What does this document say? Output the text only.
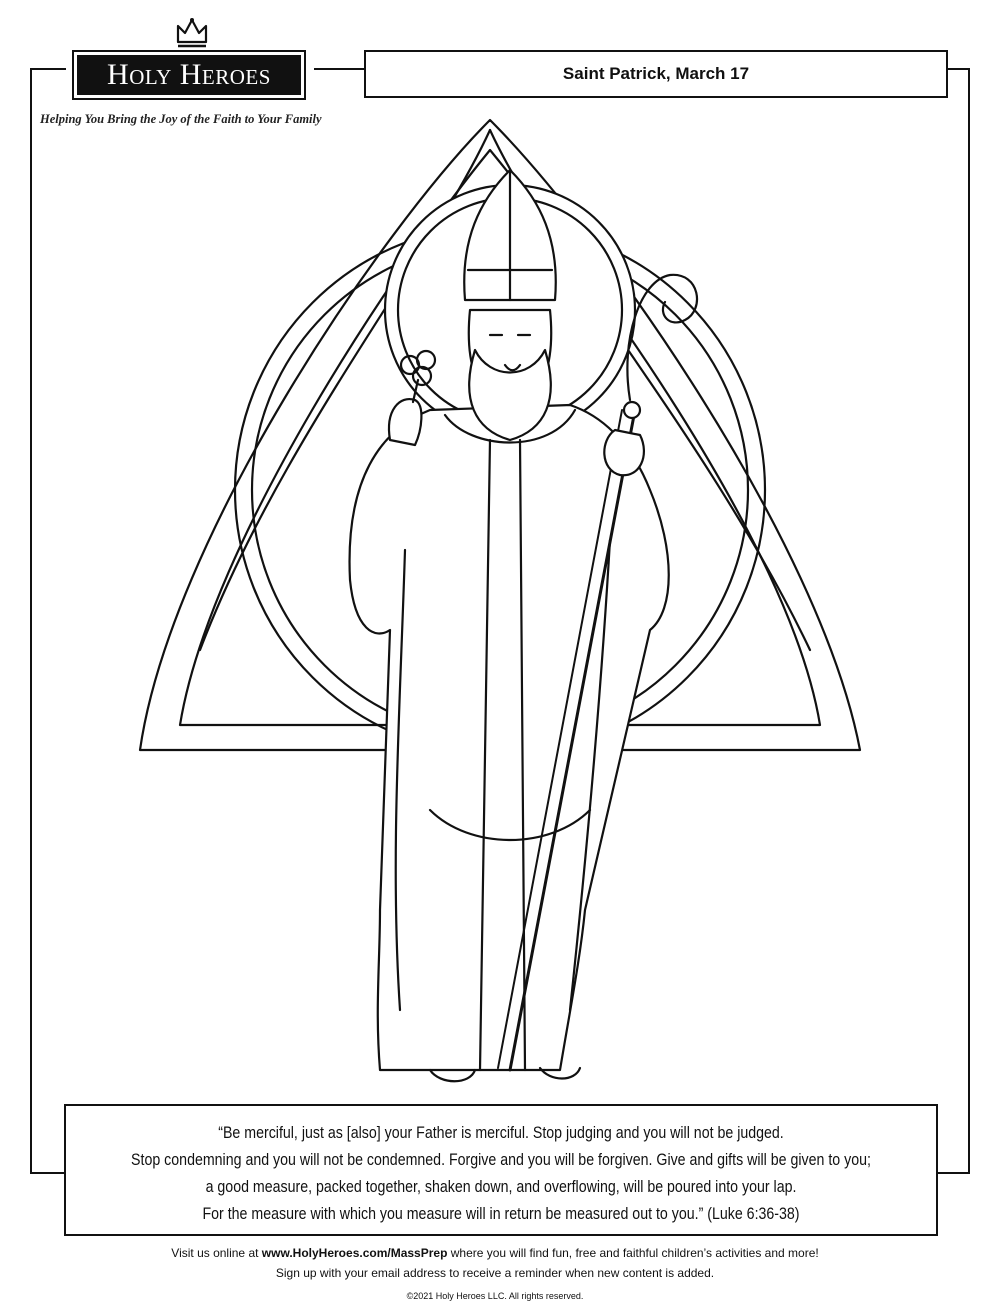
Holy Heroes
Helping You Bring the Joy of the Faith to Your Family
Saint Patrick, March 17
“Be merciful, just as [also] your Father is merciful. Stop judging and you will not be judged.
Stop condemning and you will not be condemned. Forgive and you will be forgiven. Give and gifts will be given to you;
a good measure, packed together, shaken down, and overflowing, will be poured into your lap.
For the measure with which you measure will in return be measured out to you.” (Luke 6:36-38)
Visit us online at www.HolyHeroes.com/MassPrep where you will find fun, free and faithful children’s activities and more!
Sign up with your email address to receive a reminder when new content is added.
©2021 Holy Heroes LLC. All rights reserved.
